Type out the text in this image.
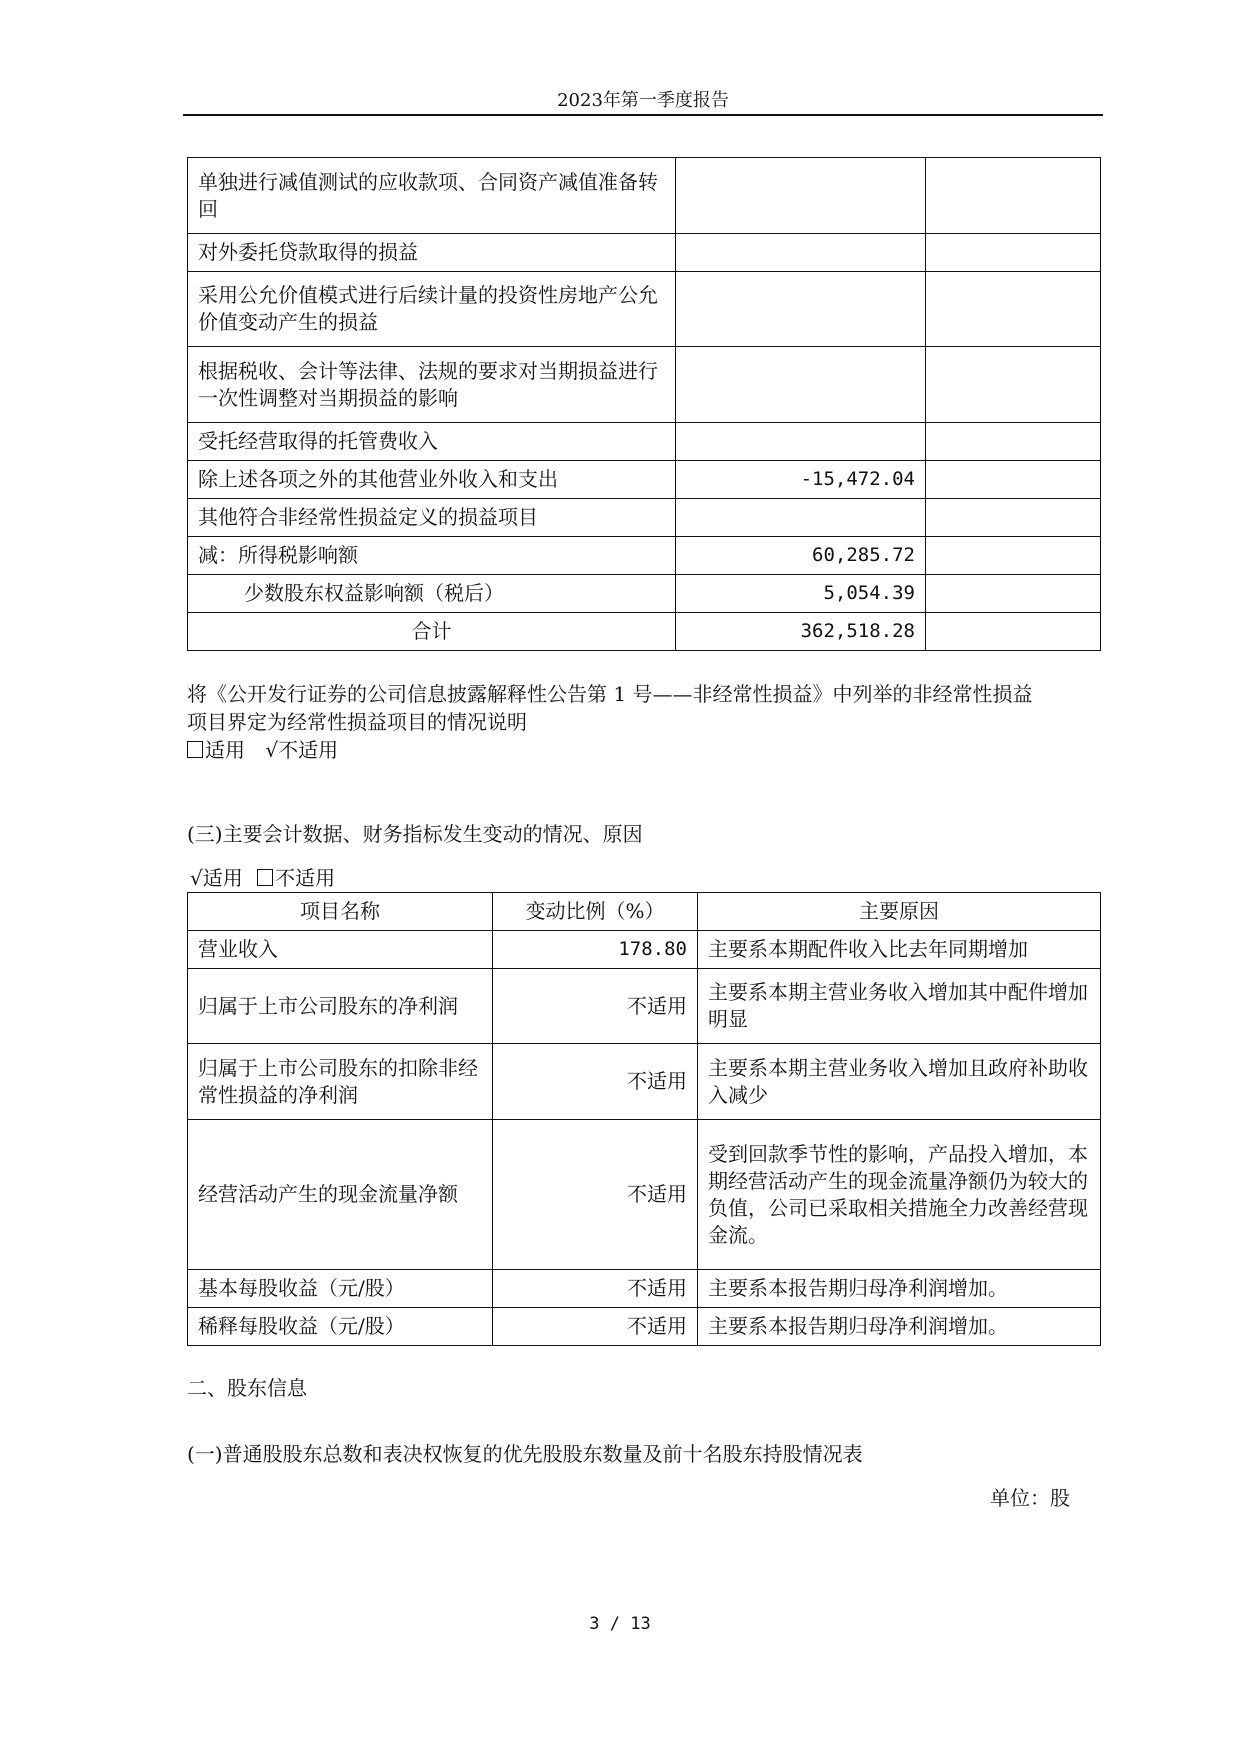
2023年第一季度报告
单独进行减值测试的应收款项、合同资产减值准备转回		
对外委托贷款取得的损益		
采用公允价值模式进行后续计量的投资性房地产公允价值变动产生的损益		
根据税收、会计等法律、法规的要求对当期损益进行一次性调整对当期损益的影响		
受托经营取得的托管费收入		
除上述各项之外的其他营业外收入和支出	-15,472.04	
其他符合非经常性损益定义的损益项目		
减：所得税影响额	60,285.72	
少数股东权益影响额（税后）	5,054.39	
合计	362,518.28	
将《公开发行证券的公司信息披露解释性公告第 1 号——非经常性损益》中列举的非经常性损益
项目界定为经常性损益项目的情况说明
适用 √不适用
(三)主要会计数据、财务指标发生变动的情况、原因
√适用 不适用
项目名称	变动比例（%）	主要原因
营业收入	178.80	主要系本期配件收入比去年同期增加
归属于上市公司股东的净利润	不适用	主要系本期主营业务收入增加其中配件增加明显
归属于上市公司股东的扣除非经常性损益的净利润	不适用	主要系本期主营业务收入增加且政府补助收入减少
经营活动产生的现金流量净额	不适用	受到回款季节性的影响，产品投入增加，本期经营活动产生的现金流量净额仍为较大的负值，公司已采取相关措施全力改善经营现金流。
基本每股收益（元/股）	不适用	主要系本报告期归母净利润增加。
稀释每股收益（元/股）	不适用	主要系本报告期归母净利润增加。
二、股东信息
(一)普通股股东总数和表决权恢复的优先股股东数量及前十名股东持股情况表
单位：股
3 / 13
